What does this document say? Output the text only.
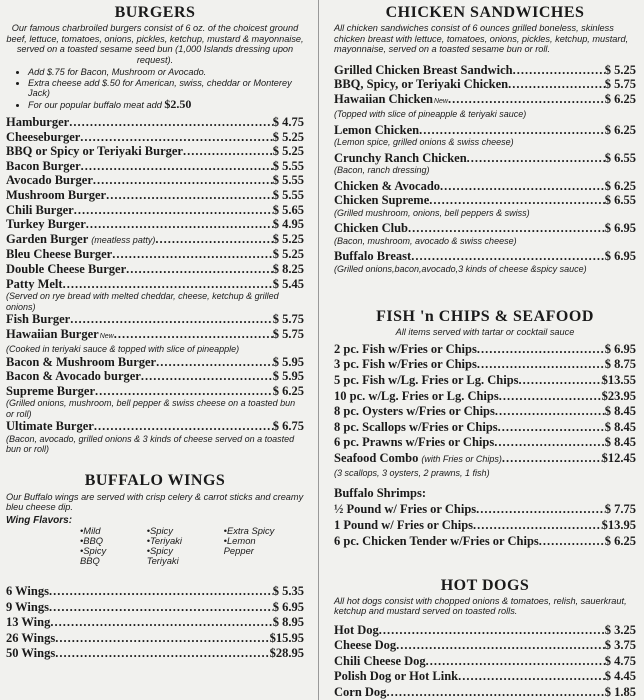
BURGERS

Our famous charbroiled burgers consist of 6 oz. of the choicest ground beef, lettuce, tomatoes, onions, pickles, ketchup, mustard & mayonnaise, served on a toasted sesame seed bun (1,000 Islands dressing upon request).

• Add $.75 for Bacon, Mushroom or Avocado.
• Extra cheese add $.50 for American, swiss, cheddar or Monterey Jack)
• For our popular buffalo meat add $2.50
Hamburger .....	$ 4.75
Cheeseburger .....	$ 5.25
BBQ or Spicy or Teriyaki Burger .....	$ 5.25
Bacon Burger .....	$ 5.55
Avocado Burger .....	$ 5.55
Mushroom Burger .....	$ 5.55
Chili Burger .....	$ 5.65
Turkey Burger .....	$ 4.95
Garden Burger (meatless patty) .....	$ 5.25
Bleu Cheese Burger .....	$ 5.25
Double Cheese Burger .....	$ 8.25
Patty Melt .....	$ 5.45
(Served on rye bread with melted cheddar, cheese, ketchup & grilled onions)
Fish Burger .....	$ 5.75
Hawaiian Burger New .....	$ 5.75
(Cooked in teriyaki sauce & topped with slice of pineapple)
Bacon & Mushroom Burger .....	$ 5.95
Bacon & Avocado burger .....	$ 5.95
Supreme Burger .....	$ 6.25
(Grilled onions, mushroom, bell pepper & swiss cheese on a toasted bun or roll)
Ultimate Burger .....	$ 6.75
(Bacon, avocado, grilled onions & 3 kinds of cheese served on a toasted bun or roll)
BUFFALO WINGS

Our Buffalo wings are served with crisp celery & carrot sticks and creamy bleu cheese dip.

Wing Flavors:
•Mild
•BBQ
•Spicy BBQ
•Spicy
•Teriyaki
•Spicy Teriyaki
•Extra Spicy
•Lemon Pepper
6 Wings .....	$ 5.35
9 Wings .....	$ 6.95
13 Wing .....	$ 8.95
26 Wings .....	$15.95
50 Wings .....	$28.95
CHICKEN SANDWICHES

All chicken sandwiches consist of 6 ounces grilled boneless, skinless chicken breast with lettuce, tomatoes, onions, pickles, ketchup, mustard, mayonnaise, served on a toasted sesame bun or roll.

Grilled Chicken Breast Sandwich .....	$ 5.25
BBQ, Spicy, or Teriyaki Chicken .....	$ 5.75
Hawaiian Chicken New .....	$ 6.25
(Topped with slice of pineapple & teriyaki sauce)
Lemon Chicken .....	$ 6.25
(Lemon spice, grilled onions & swiss cheese)
Crunchy Ranch Chicken .....	$ 6.55
(Bacon, ranch dressing)
Chicken & Avocado .....	$ 6.25
Chicken Supreme .....	$ 6.55
(Grilled mushroom, onions, bell peppers & swiss)
Chicken Club .....	$ 6.95
(Bacon, mushroom, avocado & swiss cheese)
Buffalo Breast .....	$ 6.95
(Grilled onions,bacon,avocado,3 kinds of cheese &spicy sauce)
FISH 'n CHIPS & SEAFOOD

All items served with tartar or cocktail sauce

2 pc. Fish w/Fries or Chips .....	$ 6.95
3 pc. Fish w/Fries or Chips .....	$ 8.75
5 pc. Fish w/Lg. Fries or Lg. Chips .....	$13.55
10 pc. w/Lg. Fries or Lg. Chips .....	$23.95
8 pc. Oysters w/Fries or Chips .....	$ 8.45
8 pc. Scallops w/Fries or Chips .....	$ 8.45
6 pc. Prawns w/Fries or Chips .....	$ 8.45
Seafood Combo (with Fries or Chips) .....	$12.45
(3 scallops, 3 oysters, 2 prawns, 1 fish)
Buffalo Shrimps:
½ Pound w/ Fries or Chips .....	$ 7.75
1 Pound w/ Fries or Chips .....	$13.95
6 pc. Chicken Tender w/Fries or Chips .....	$ 6.25
HOT DOGS

All hot dogs consist with chopped onions & tomatoes, relish, sauerkraut, ketchup and mustard served on toasted rolls.

Hot Dog .....	$ 3.25
Cheese Dog .....	$ 3.75
Chili Cheese Dog .....	$ 4.75
Polish Dog or Hot Link .....	$ 4.45
Corn Dog .....	$ 1.85
